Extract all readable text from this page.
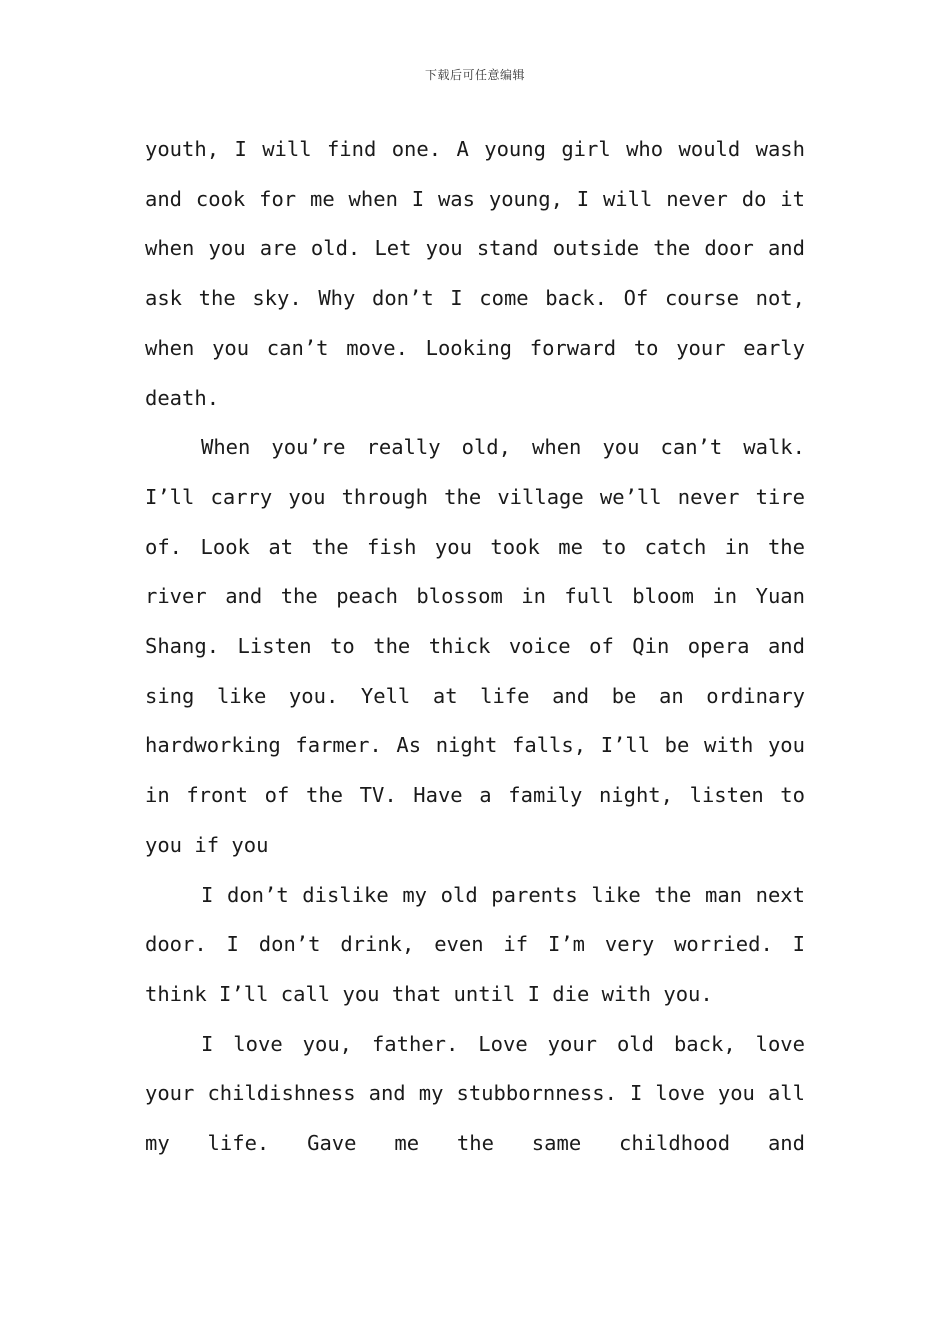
下载后可任意编辑

youth, I will find one. A young girl who would wash and cook for me when I was young, I will never do it when you are old. Let you stand outside the door and ask the sky. Why don’t I come back. Of course not, when you can’t move. Looking forward to your early death.

When you’re really old, when you can’t walk. I’ll carry you through the village we’ll never tire of. Look at the fish you took me to catch in the river and the peach blossom in full bloom in Yuan Shang. Listen to the thick voice of Qin opera and sing like you. Yell at life and be an ordinary hardworking farmer. As night falls, I’ll be with you in front of the TV. Have a family night, listen to you if you

I don’t dislike my old parents like the man next door. I don’t drink, even if I’m very worried. I think I’ll call you that until I die with you.

I love you, father. Love your old back, love your childishness and my stubbornness. I love you all my life. Gave me the same childhood and
